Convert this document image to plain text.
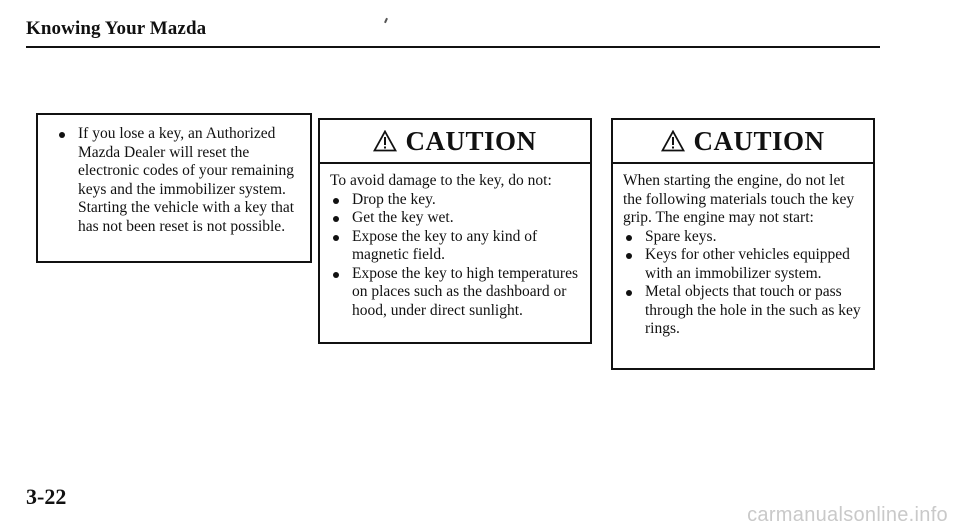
Knowing Your Mazda
If you lose a key, an Authorized Mazda Dealer will reset the electronic codes of your remaining keys and the immobilizer system. Starting the vehicle with a key that has not been reset is not possible.
CAUTION
To avoid damage to the key, do not:
Drop the key.
Get the key wet.
Expose the key to any kind of magnetic field.
Expose the key to high temperatures on places such as the dashboard or hood, under direct sunlight.
CAUTION
When starting the engine, do not let the following materials touch the key grip. The engine may not start:
Spare keys.
Keys for other vehicles equipped with an immobilizer system.
Metal objects that touch or pass through the hole in the such as key rings.
3-22
carmanualsonline.info
